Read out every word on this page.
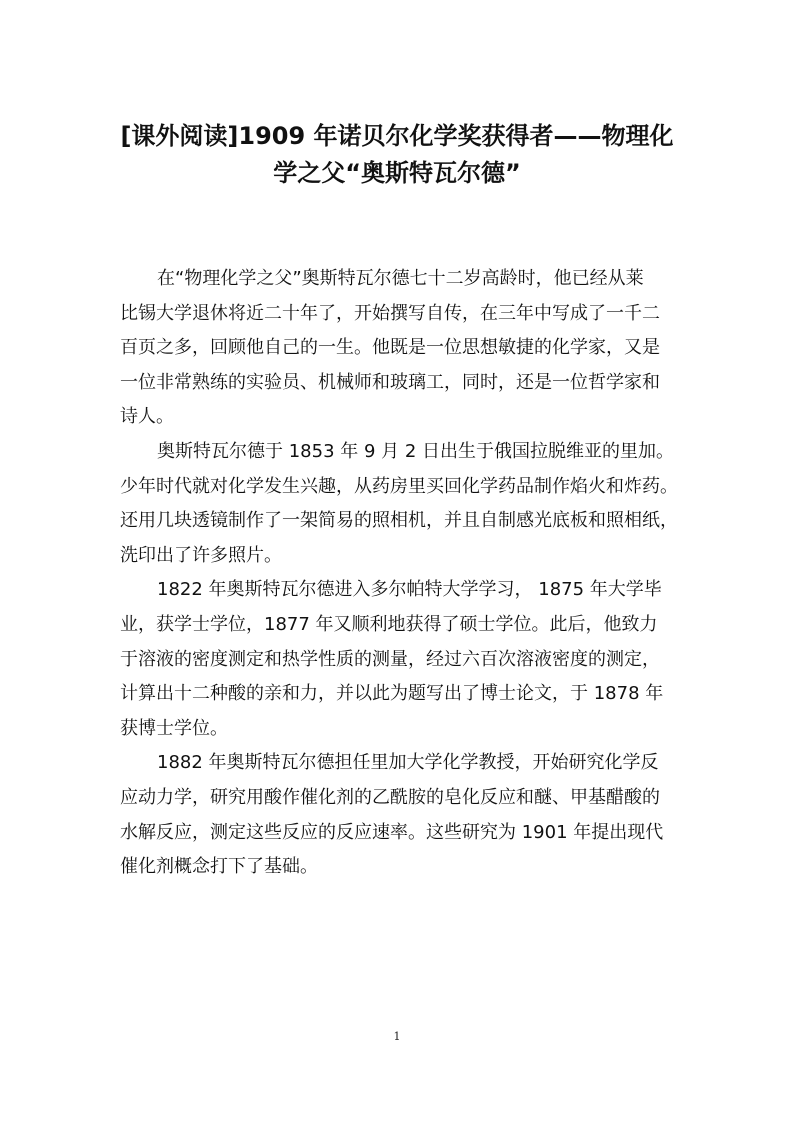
[课外阅读]1909 年诺贝尔化学奖获得者——物理化
学之父“奥斯特瓦尔德”

在“物理化学之父”奥斯特瓦尔德七十二岁高龄时，他已经从莱
比锡大学退休将近二十年了，开始撰写自传，在三年中写成了一千二
百页之多，回顾他自己的一生。他既是一位思想敏捷的化学家，又是
一位非常熟练的实验员、机械师和玻璃工，同时，还是一位哲学家和
诗人。

奥斯特瓦尔德于 1853 年 9 月 2 日出生于俄国拉脱维亚的里加。
少年时代就对化学发生兴趣，从药房里买回化学药品制作焰火和炸药。
还用几块透镜制作了一架简易的照相机，并且自制感光底板和照相纸，
洗印出了许多照片。

1822 年奥斯特瓦尔德进入多尔帕特大学学习， 1875 年大学毕
业，获学士学位，1877 年又顺利地获得了硕士学位。此后，他致力
于溶液的密度测定和热学性质的测量，经过六百次溶液密度的测定，
计算出十二种酸的亲和力，并以此为题写出了博士论文，于 1878 年
获博士学位。

1882 年奥斯特瓦尔德担任里加大学化学教授，开始研究化学反
应动力学，研究用酸作催化剂的乙酰胺的皂化反应和醚、甲基醋酸的
水解反应，测定这些反应的反应速率。这些研究为 1901 年提出现代
催化剂概念打下了基础。

1
